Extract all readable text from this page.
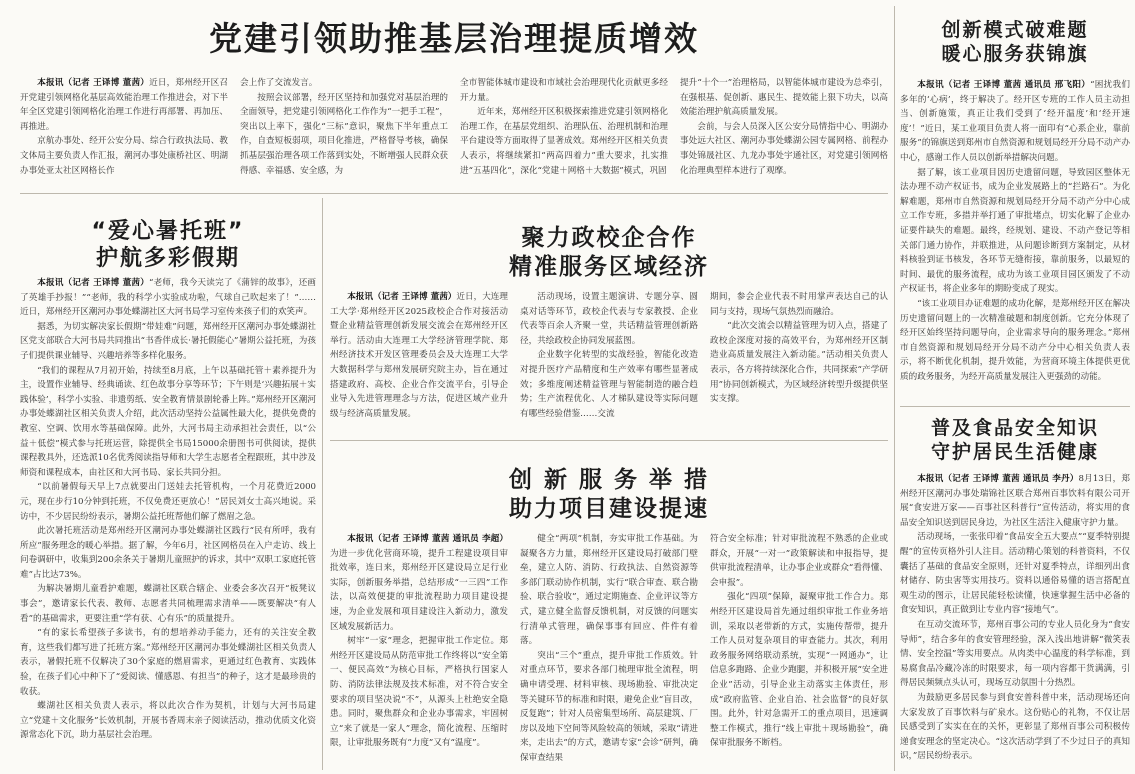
党建引领助推基层治理提质增效

本报讯（记者 王译博 董茜）近日，郑州经开区召开党建引领网格化基层高效能治理工作推进会，对下半年全区党建引领网格化治理工作进行再部署、再加压、再推进。

京航办事处、经开公安分局、综合行政执法局、教文体局主要负责人作汇报，潮河办事处康桥社区、明湖办事处亚太社区网格长作

会上作了交流发言。

按照会议部署，经开区坚持和加强党对基层治理的全面领导，把党建引领网格化工作作为“一把手工程”，突出以上率下，强化“三标”意识，聚焦下半年重点工作，自查短板弱项，项目化推进，严格督导考核，确保抓基层强治理各项工作落到实处，不断增强人民群众获得感、幸福感、安全感，为

全市智能体城市建设和市域社会治理现代化贡献更多经开力量。

近年来，郑州经开区积极探索推进党建引领网格化治理工作，在基层党组织、治理队伍、治理机制和治理平台建设等方面取得了显著成效。郑州经开区相关负责人表示，将继续紧扣“两高四着力”重大要求，扎实推进“五基四化”，深化“党建＋网格＋大数据”模式，巩固

提升“十个一”治理格局，以智能体城市建设为总牵引，在强根基、促创新、惠民生、提效能上狠下功夫，以高效能治理护航高质量发展。

会前，与会人员深入区公安分局情指中心、明湖办事处远大社区、潮河办事处蝶湖公园专属网格、前程办事处锦晟社区、九龙办事处宇通社区，对党建引领网格化治理典型样本进行了观摩。

创新模式破难题
暖心服务获锦旗

本报讯（记者 王译博 董茜 通讯员 邢飞阳）“困扰我们多年的‘心病’，终于解决了。经开区专班的工作人员主动担当、创新施策，真正让我们受到了‘经开温度’和‘经开速度’！”近日，某工业项目负责人将一面印有“心系企业，靠前服务”的锦旗送到郑州市自然资源和规划局经开分局不动产办中心，感谢工作人员以创新举措解决问题。

据了解，该工业项目因历史遗留问题，导致园区整体无法办理不动产权证书，成为企业发展路上的“拦路石”。为化解难题，郑州市自然资源和规划局经开分局不动产分中心成立工作专班，多措并举打通了审批堵点，切实化解了企业办证要件缺失的难题。最终，经规划、建设、不动产登记等相关部门通力协作，并联推进，从问题诊断到方案制定，从材料核验到证书核发，各环节无缝衔接，靠前服务，以最短的时间、最优的服务流程，成功为该工业项目园区颁发了不动产权证书，将企业多年的期盼变成了现实。

“该工业项目办证难题的成功化解，是郑州经开区在解决历史遗留问题上的一次精准破题和制度创新。它充分体现了经开区始终坚持问题导向，企业需求导向的服务理念。”郑州市自然资源和规划局经开分局不动产分中心相关负责人表示，将不断优化机制，提升效能，为营商环境主体提供更优质的政务服务，为经开高质量发展注入更强劲的动能。

“爱心暑托班”
护航多彩假期

本报讯（记者 王译博 董茜）“老师，我今天读完了《蒲锌的故事》，还画了英雄手抄报！”“老师，我的科学小实验成功啦，气球自己吹起来了！”……近日，郑州经开区潮河办事处蝶湖社区大河书局学习室传来孩子们的欢笑声。

据悉，为切实解决家长假期“带娃难”问题，郑州经开区潮河办事处蝶湖社区党支部联合大河书局共同推出“书香伴成长·暑托假能心”暑期公益托班，为孩子们提供课业辅导、兴趣培养等多样化服务。

“我们的课程从7月初开始，持续至8月底，上午以基础托管＋素养提升为主，设置作业辅导、经典诵读、红色故事分享等环节；下午则是‘兴趣拓展＋实践体验’，科学小实验、非遗剪纸、安全教育情景剧轮番上阵。”郑州经开区潮河办事处蝶湖社区相关负责人介绍，此次活动坚持公益属性最大化，提供免费的教室、空调、饮用水等基础保障。此外，大河书局主动承担社会责任，以“公益＋低偿”模式参与托班运营，除提供全书局15000余册图书可供阅读，提供课程教具外，还选派10名优秀阅读指导师和大学生志愿者全程跟班，其中涉及师资和课程成本，由社区和大河书局、家长共同分担。

“以前暑假每天早上7点就要出门送娃去托管机构，一个月花费近2000元，现在步行10分钟到托班，不仅免费还更放心！”居民刘女士高兴地说。采访中，不少居民纷纷表示，暑期公益托班帮他们解了燃眉之急。

此次暑托班活动是郑州经开区潮河办事处蝶湖社区践行“民有所呼，我有所应”服务理念的暖心举措。据了解，今年6月，社区网格员在入户走访、线上问卷调研中，收集到200余条关于暑期儿童照护的诉求，其中“双职工家庭托管难”占比达73%。

为解决暑期儿童看护难题，蝶湖社区联合辖企、业委会多次召开“板凳议事会”，邀请家长代表、教师、志愿者共同梳理需求清单——既要解决“有人看”的基础需求，更要注重“学有获、心有乐”的质量提升。

“有的家长希望孩子多读书，有的想培养动手能力，还有的关注安全教育，这些我们都写进了托班方案。”郑州经开区潮河办事处蝶湖社区相关负责人表示，暑假托班不仅解决了30个家庭的燃眉需求，更通过红色教育、实践体验，在孩子们心中种下了“爱阅读、懂感恩、有担当”的种子，这才是最珍贵的收获。

蝶湖社区相关负责人表示，将以此次合作为契机，计划与大河书局建立“党建＋文化服务”长效机制，开展书香周末亲子阅读活动，推动优质文化资源常态化下沉，助力基层社会治理。

聚力政校企合作
精准服务区域经济

本报讯（记者 王译博 董茜）近日，大连理工大学·郑州经开区2025政校企合作对接活动暨企业精益管理创新发展交流会在郑州经开区举行。活动由大连理工大学经济管理学院、郑州经济技术开发区管理委员会及大连理工大学大数据科学与郑州发展研究院主办，旨在通过搭建政府、高校、企业合作交流平台，引导企业导入先进管理理念与方法，促进区域产业升级与经济高质量发展。

活动现场，设置主题演讲、专题分享、圆桌对话等环节，政校企代表与专家教授、企业代表等百余人齐聚一堂，共话精益管理创新路径，共绘政校企协同发展蓝图。

企业数字化转型的实战经验，智能化改造对提升医疗产品精度和生产效率有哪些显著成效；多维度阐述精益管理与智能制造的融合趋势；生产流程优化、人才梯队建设等实际问题有哪些经验借鉴……交流

期间，参会企业代表不时用掌声表达自己的认同与支持，现场气氛热烈而融洽。

“此次交流会以精益管理为切入点，搭建了政校企深度对接的高效平台，为郑州经开区制造业高质量发展注入新动能。”活动相关负责人表示，各方将持续深化合作，共同探索“产学研用”协同创新模式，为区域经济转型升级提供坚实支撑。

创 新 服 务 举 措
助力项目建设提速

本报讯（记者 王译博 董茜 通讯员 李超）为进一步优化营商环境，提升工程建设项目审批效率，连日来，郑州经开区建设局立足行业实际，创新服务举措，总结形成“一三四”工作法，以高效便捷的审批流程助力项目建设提速，为企业发展和项目建设注入新动力，激发区域发展新活力。

树牢“一家”理念，把握审批工作定位。郑州经开区建设局从防范审批工作终将以“安全第一、便民高效”为核心目标，严格执行国家人防、消防法律法规及技术标准，对不符合安全要求的项目坚决说“不”，从源头上杜绝安全隐患。同时，聚焦群众和企业办事需求，牢固树立“来了就是一家人”理念，简化流程、压缩时限，让审批服务既有“力度”又有“温度”。

健全“两项”机制，夯实审批工作基础。为凝聚各方力量，郑州经开区建设局打破部门壁垒，建立人防、消防、行政执法、自然资源等多部门联动协作机制，实行“联合审查、联合勘验、联合验收”，通过定期施查、企业评议等方式，建立健全监督反馈机制，对反馈的问题实行清单式管理，确保事事有回应、件件有着落。

突出“三个”重点，提升审批工作质效。针对重点环节，要求各部门梳理审批全流程，明确申请受理、材料审核、现场勘验、审批决定等关键环节的标准和时限，避免企业“盲目改，反复跑”；针对人员密集型场所、高层建筑、厂房以及地下空间等风险较高的领域，采取“请进来，走出去”的方式，邀请专家“会诊”研判，确保审查结果

符合安全标准；针对审批流程不熟悉的企业或群众，开展“一对一”政策解读和申报指导，提供审批流程清单，让办事企业或群众“看得懂、会申报”。

强化“四项”保障，凝聚审批工作合力。郑州经开区建设局首先通过组织审批工作业务培训，采取以老带新的方式，实施传帮带，提升工作人员对复杂项目的审查能力。其次，利用政务服务网络联动系统，实现“一网通办”，让信息多跑路、企业少跑腿，并积极开展“安全进企业”活动，引导企业主动落实主体责任，形成“政府监管、企业自治、社会监督”的良好氛围。此外，针对急需开工的重点项目，迅速调整工作模式，推行“线上审批＋现场勘验”，确保审批服务不断档。

普及食品安全知识
守护居民生活健康

本报讯（记者 王译博 董茜 通讯员 李丹）8月13日，郑州经开区潮河办事处瑞锦社区联合郑州百事饮料有限公司开展“食安进万家——百事社区科普行”宣传活动，将实用的食品安全知识送到居民身边，为社区生活注入健康守护力量。

活动现场，一张张印着“食品安全五大要点”“夏季特别提醒”的宣传页格外引人注目。活动精心策划的科普资料，不仅囊括了基础的食品安全原则，还针对夏季特点，详细列出食材储存、防虫害等实用技巧。资料以通俗易懂的语言搭配直观生动的图示，让居民能轻松读懂，快速掌握生活中必备的食安知识，真正做到让专业内容“接地气”。

在互动交流环节，郑州百事公司的专业人员化身为“食安导师”，结合多年的食安管理经验，深入浅出地讲解“微笑表情、安全控温”等实用要点。从肉类中心温度的科学标准，到易腐食品冷藏冷冻的时限要求，每一项内容都干货满满，引得居民频频点头认可，现场互动氛围十分热烈。

为鼓励更多居民参与到食安普科普中来，活动现场还向大家发放了百事饮料与矿泉水。这份贴心的礼物，不仅让居民感受到了实实在在的关怀，更彰显了郑州百事公司积极传递食安理念的坚定决心。“这次活动学到了不少过日子的真知识，”居民纷纷表示。
